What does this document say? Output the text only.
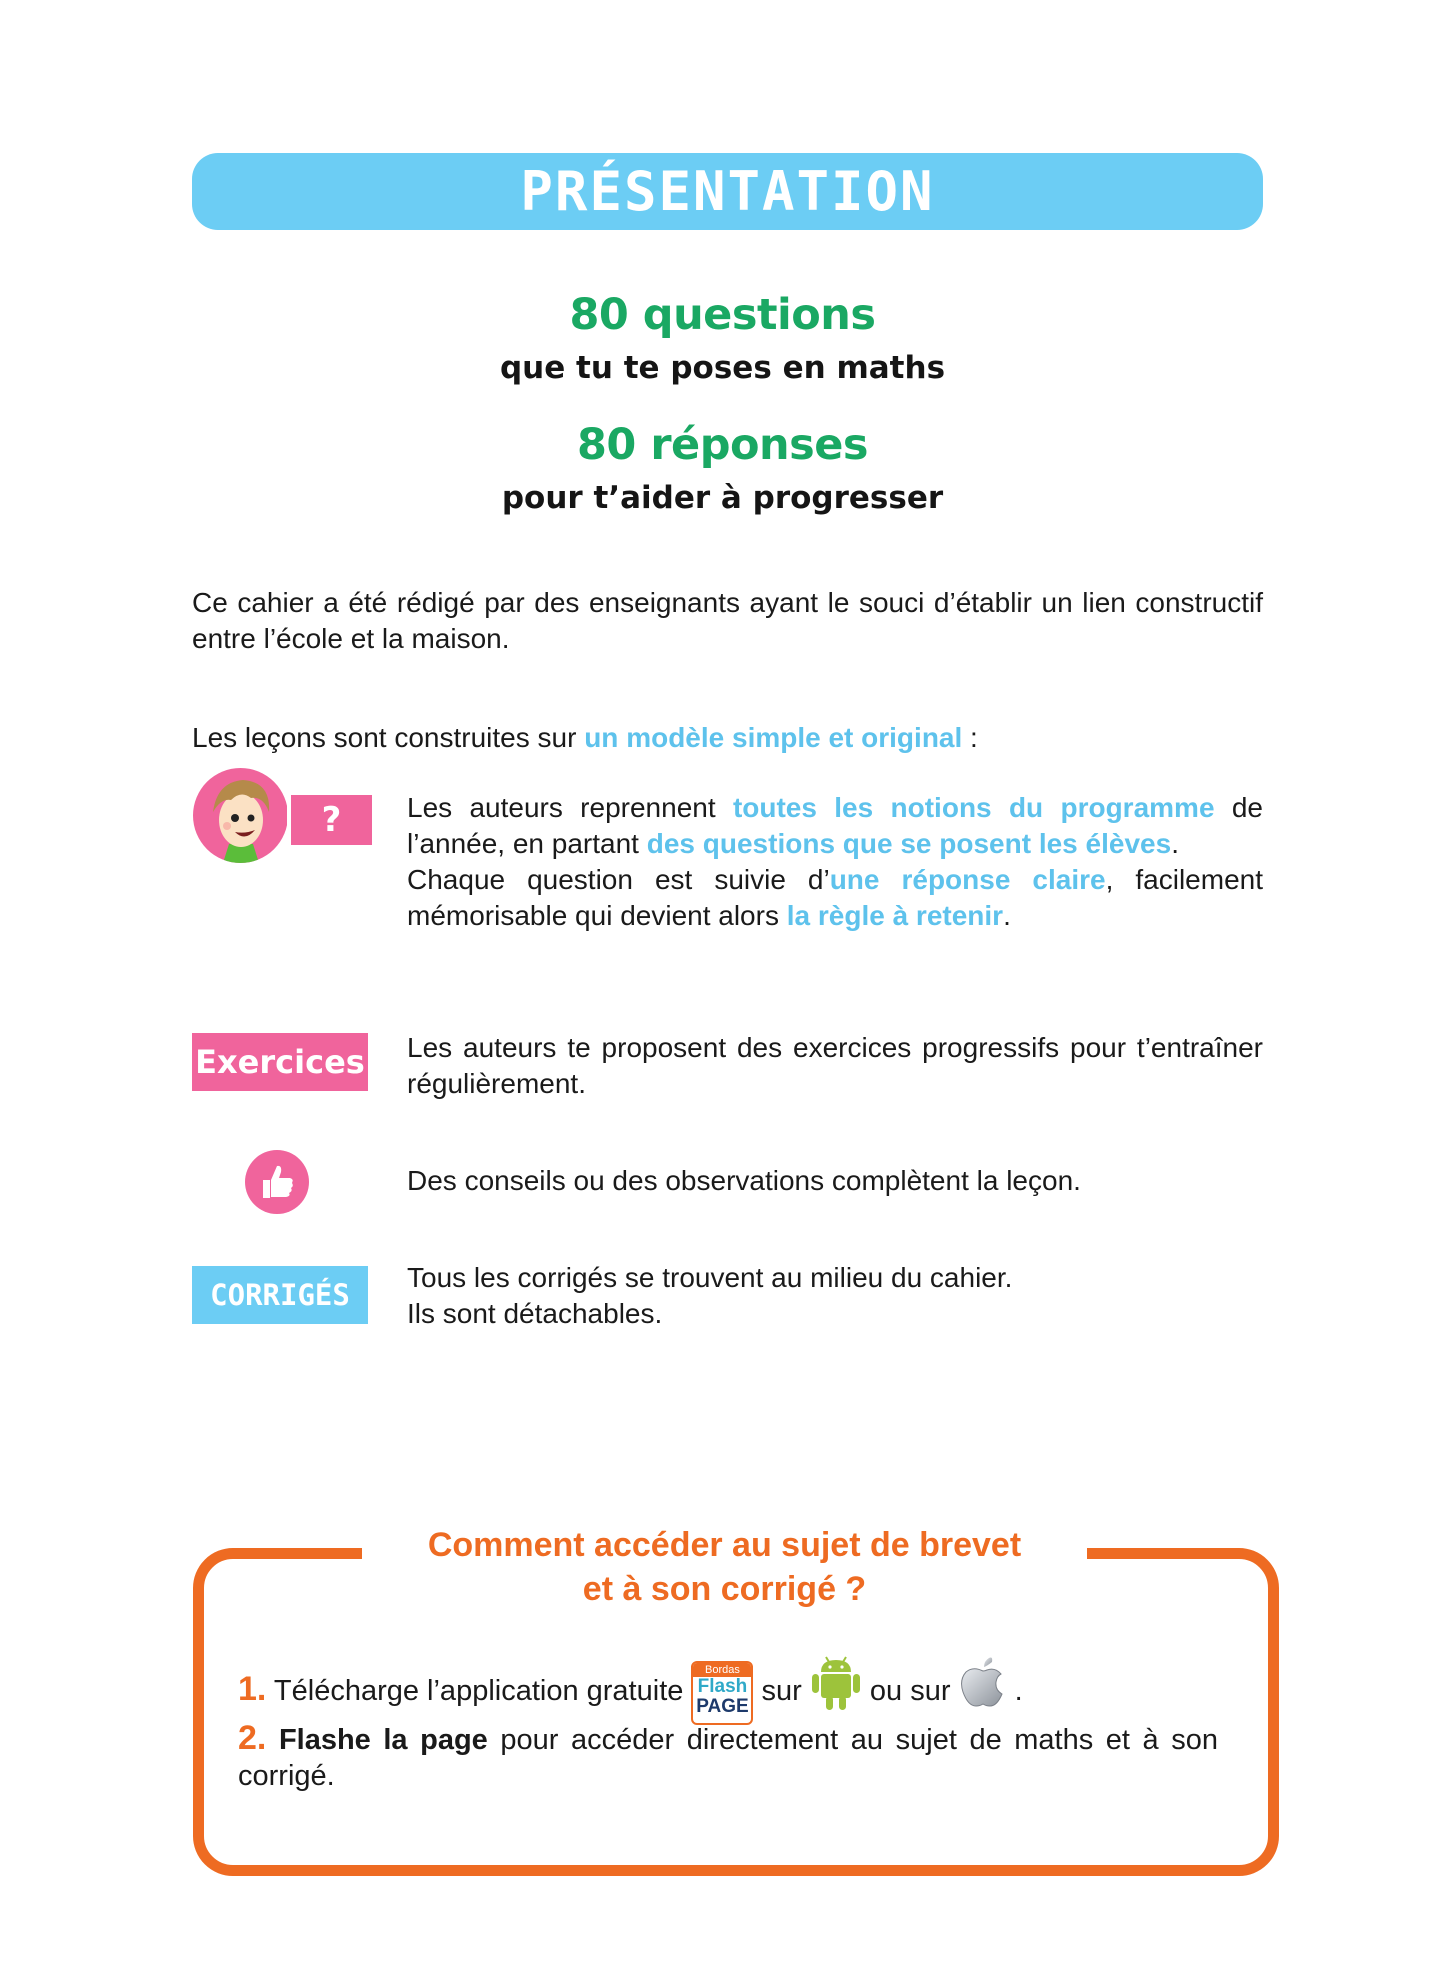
PRÉSENTATION
80 questions
que tu te poses en maths
80 réponses
pour t’aider à progresser
Ce cahier a été rédigé par des enseignants ayant le souci d’établir un lien constructif entre l’école et la maison.
Les leçons sont construites sur un modèle simple et original :
?	Les auteurs reprennent toutes les notions du programme de l’année, en partant des questions que se posent les élèves.
Chaque question est suivie d’une réponse claire, facilement mémorisable qui devient alors la règle à retenir.
Exercices Les auteurs te proposent des exercices progressifs pour t’entraîner régulièrement.
Des conseils ou des observations complètent la leçon.
CORRIGÉS
Tous les corrigés se trouvent au milieu du cahier.
Ils sont détachables.
Comment accéder au sujet de brevet
et à son corrigé ?
1. Télécharge l’application gratuite
Bordas
Flash
PAGE sur  ou sur  .
2. Flashe la page pour accéder directement au sujet de maths et à son corrigé.
